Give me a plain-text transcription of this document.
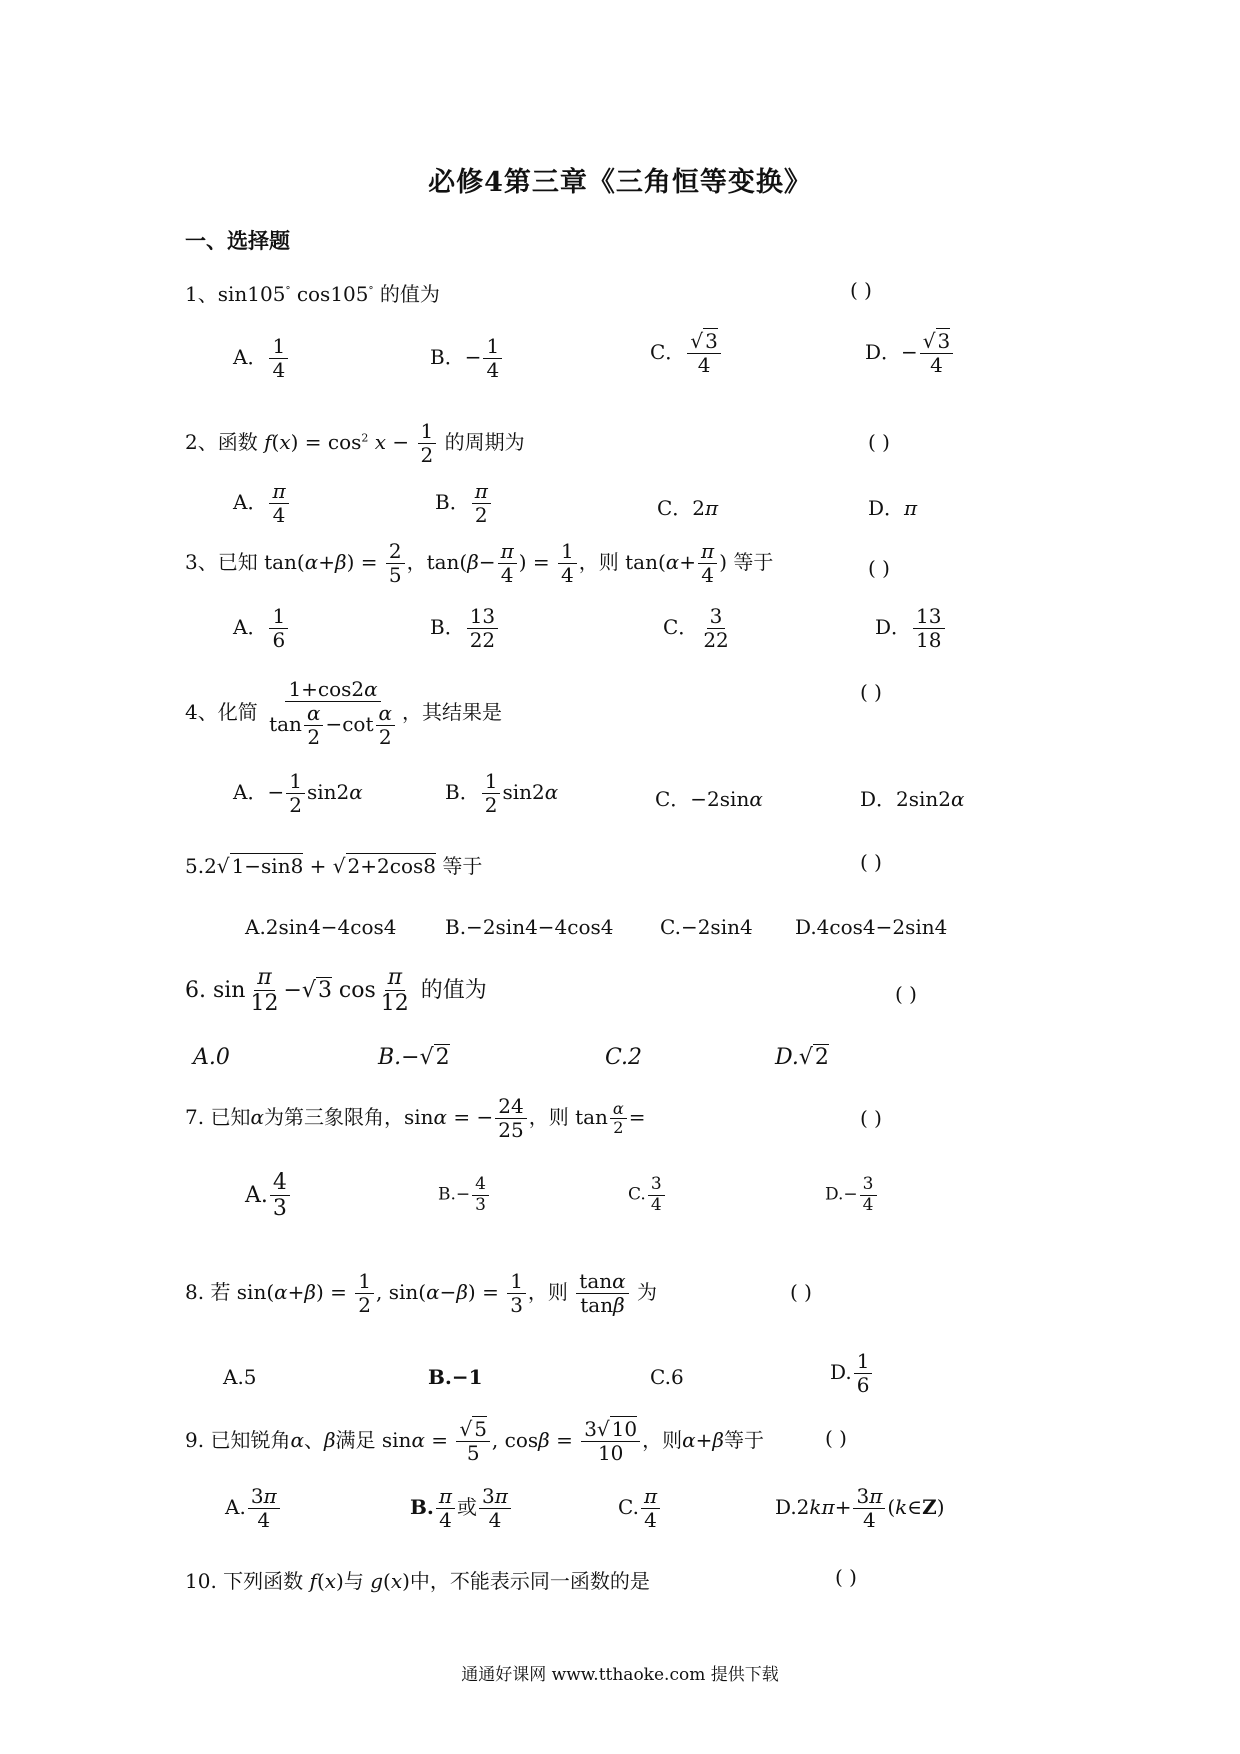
必修4第三章《三角恒等变换》
一、选择题
1、sin105° cos105° 的值为	( )
A． $\frac{1}{4}$	B．− $\frac{1}{4}$	C． $\frac{√ 3}{4}$	D．− $\frac{√ 3}{4}$
2、函数 $f(x) = \cos^2 x - \frac{1}{2}$ 的周期为	( )
A． $\frac{\pi}{4}$	B． $\frac{\pi}{2}$	C．2π	D．π
3、已知 $\tan(\alpha+\beta) = \frac{2}{5}$ ，$\tan(\beta- \frac{\pi}{4}$ ) = $\frac{1}{4}$ ，则 $\tan(\alpha+ \frac{\pi}{4}$ ) 等于	( )
A． $\frac{1}{6}$	B． $\frac{13}{22}$	C． $\frac{3}{22}$	D． $\frac{13}{18}$
4、化简 $\frac{1+\cos 2\alpha}{\tan \frac{\alpha}{2} -\cot \frac{\alpha}{2}}$ ，其结果是
( )
A．− $\frac{1}{2} \sin 2\alpha$	B． $\frac{1}{2} \sin 2\alpha$	C．−2sinα	D．2sin2α
5.2√ 1−sin8 + √ 2+2cos8 等于	( )
A.2sin4−4cos4 B.−2sin4−4cos4 C.−2sin4 D.4cos4−2sin4
6. $\sin \frac{\pi}{12} -√3$ $\cos \frac{\pi}{12}$ 的值为	( )
A.0	B.−√2	C.2	D.√2
7. 已知α为第三象限角，sinα = − $\frac{24}{25}$ ，则 $\tan \frac{\alpha}{2}$ =	( )
A. $\frac{4}{3}$	$B.- \frac{4}{3}$	C. $\frac{3}{4}$	$D.- \frac{3}{4}$
8. 若 $\sin(\alpha+\beta) = \frac{1}{2}$ , $\sin(\alpha-\beta) = \frac{1}{3}$ ，则 $\frac{\tan\alpha}{\tan\beta}$ 为	( )
A.5	B.−1	C.6	D. $\frac{1}{6}$
9. 已知锐角α、β满足 $\sin\alpha = \frac{√ 5}{5}$ , $\cos\beta = \frac{3√ 10}{10}$ ，则α+β等于	( )
A. $\frac{3\pi}{4}$	B. $\frac{\pi}{4}$ 或 $\frac{3\pi}{4}$	C. $\frac{\pi}{4}$	$D.2k\pi+ \frac{3\pi}{4}$ (k∈Z)
10. 下列函数 f(x)与 g(x)中，不能表示同一函数的是	( )
通通好课网 www.tthaoke.com 提供下载
